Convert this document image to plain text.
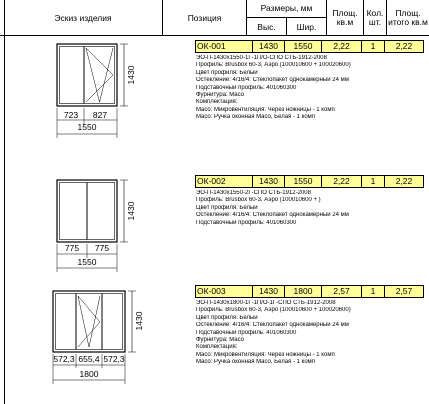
Эскиз изделия	Позиция
Размеры, мм
Выс.	Шир.
Площ. кв.м
Кол. шт.
Площ. итого кв.м
1430
723 827
1550
1430
775 775
1550
1430
572,3 655,4 572,3
1800
ОК-001	1430	1550	2,22	1	2,22
ЭО-П-1430х1550-1Г-1П/О-СПО СТБ-1912-2008
Профиль: Brusbox 60-3, Аэро (100010600 + 100020600)
Цвет профиля: Белый
Остекление: 4/16/4: Стеклопакет однокамерный 24 мм
Подставочный профиль: 401060300
Фурнитура: Maco
Комплектация:
Maco: Микровентиляция: Через ножницы - 1 комп
Maco: Ручка оконная Maco, Белая - 1 комп
ОК-002	1430	1550	2,22	1	2,22
ЭО-П-1430х1550-2Г-СПО СТБ-1912-2008
Профиль: Brusbox 60-3, Аэро (100010600 + )
Цвет профиля: Белый
Остекление: 4/16/4: Стеклопакет однокамерный 24 мм
Подставочный профиль: 401060300
ОК-003	1430	1800	2,57	1	2,57
ЭО-П-1430х1800-1Г-1П/О-1Г-СПО СТБ-1912-2008
Профиль: Brusbox 60-3, Аэро (100010600 + 100020600)
Цвет профиля: Белый
Остекление: 4/16/4: Стеклопакет однокамерный 24 мм
Подставочный профиль: 401060300
Фурнитура: Maco
Комплектация:
Maco: Микровентиляция: Через ножницы - 1 комп
Maco: Ручка оконная Maco, Белая - 1 комп
